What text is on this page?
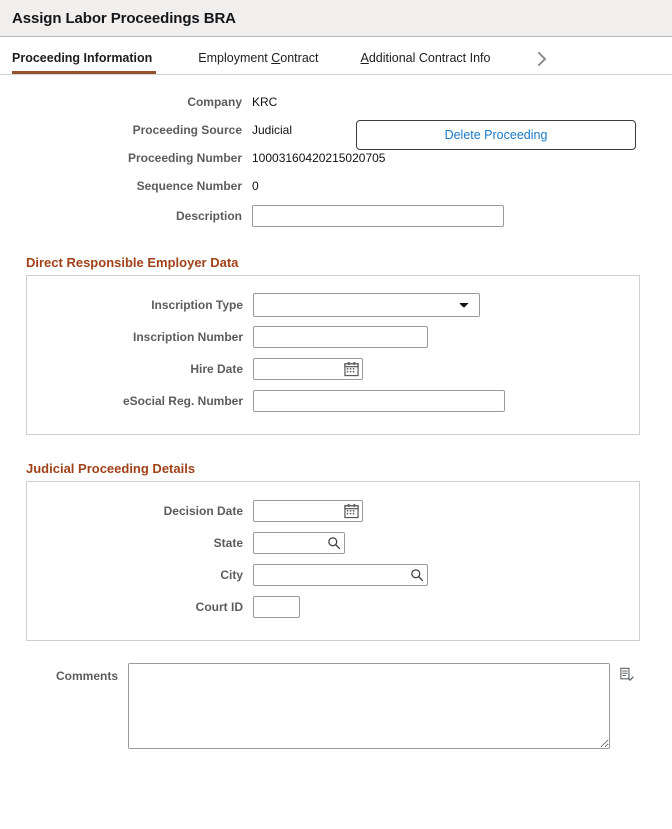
Assign Labor Proceedings BRA
Proceeding Information	Employment Contract	Additional Contract Info
Company KRC
Proceeding Source Judicial
Proceeding Number 10003160420215020705
Sequence Number 0
Description
Delete Proceeding
Direct Responsible Employer Data
Inscription Type
Inscription Number
Hire Date
eSocial Reg. Number
Judicial Proceeding Details
Decision Date
State
City
Court ID
Comments
